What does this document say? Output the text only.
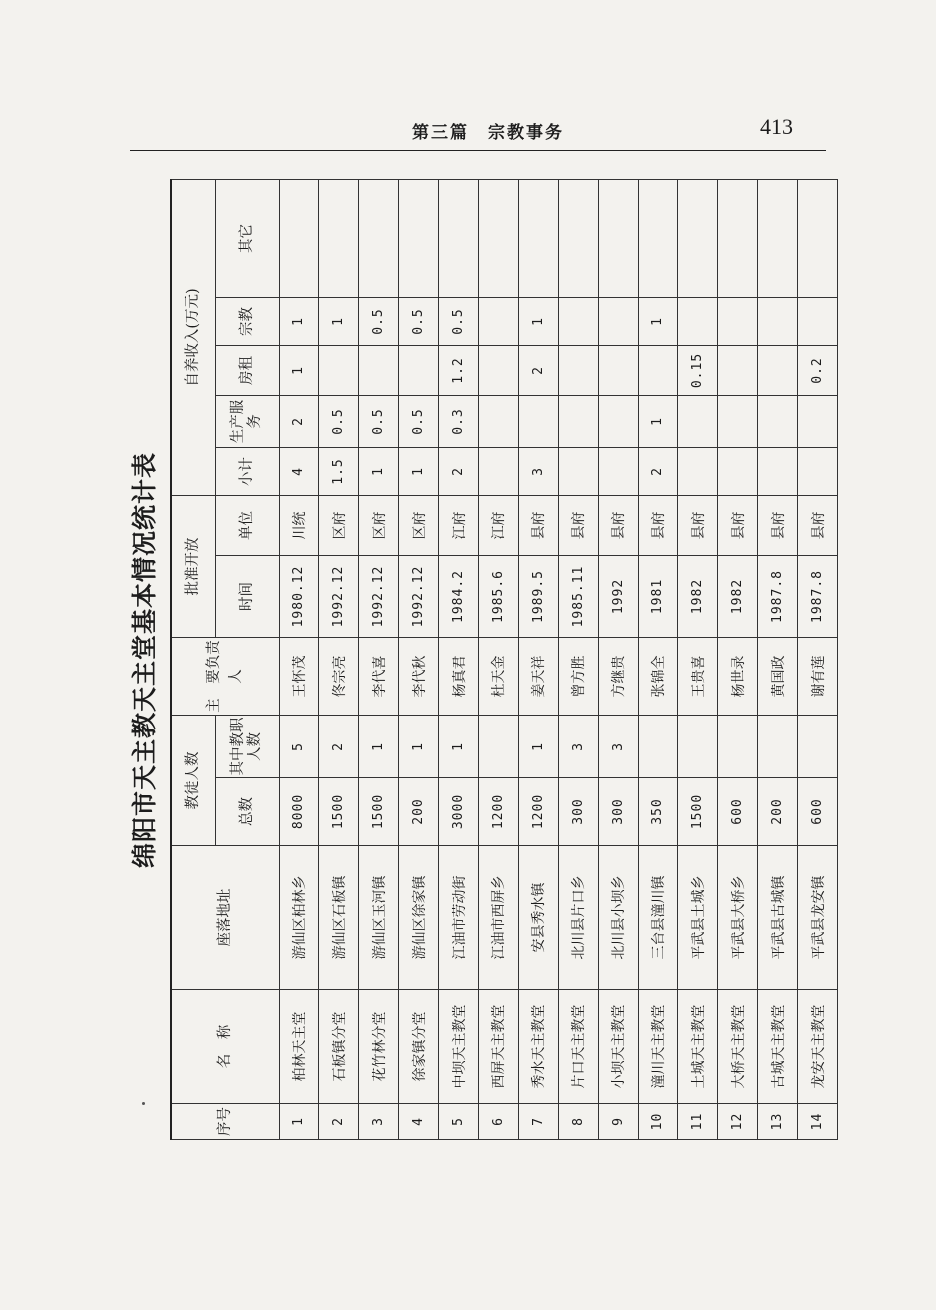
第三篇　宗教事务	413
绵阳市天主教天主堂基本情况统计表
序号	名　称	座落地址	教徒人数		主　要负责人	批准开放		自养收入(万元)				
			总数	其中教职人数		时间	单位	小计	生产服务	房租	宗教	其它
1	柏林天主堂	游仙区柏林乡	8000	5	王怀茂	1980.12	川统	4	2	1	1	
2	石板镇分堂	游仙区石板镇	1500	2	佟宗亮	1992.12	区府	1.5	0.5		1	
3	花竹林分堂	游仙区玉河镇	1500	1	李代喜	1992.12	区府	1	0.5		0.5	
4	徐家镇分堂	游仙区徐家镇	200	1	李代秋	1992.12	区府	1	0.5		0.5	
5	中坝天主教堂	江油市劳动街	3000	1	杨真君	1984.2	江府	2	0.3	1.2	0.5	
6	西屏天主教堂	江油市西屏乡	1200		杜天金	1985.6	江府					
7	秀水天主教堂	安县秀水镇	1200	1	姜天祥	1989.5	县府	3		2	1	
8	片口天主教堂	北川县片口乡	300	3	曾方胜	1985.11	县府					
9	小坝天主教堂	北川县小坝乡	300	3	方继贵	1992	县府					
10	潼川天主教堂	三台县潼川镇	350		张锦全	1981	县府	2	1		1	
11	土城天主教堂	平武县土城乡	1500		王贵喜	1982	县府			0.15		
12	大桥天主教堂	平武县大桥乡	600		杨世录	1982	县府					
13	古城天主教堂	平武县古城镇	200		黄国政	1987.8	县府					
14	龙安天主教堂	平武县龙安镇	600		谢有莲	1987.8	县府			0.2		
